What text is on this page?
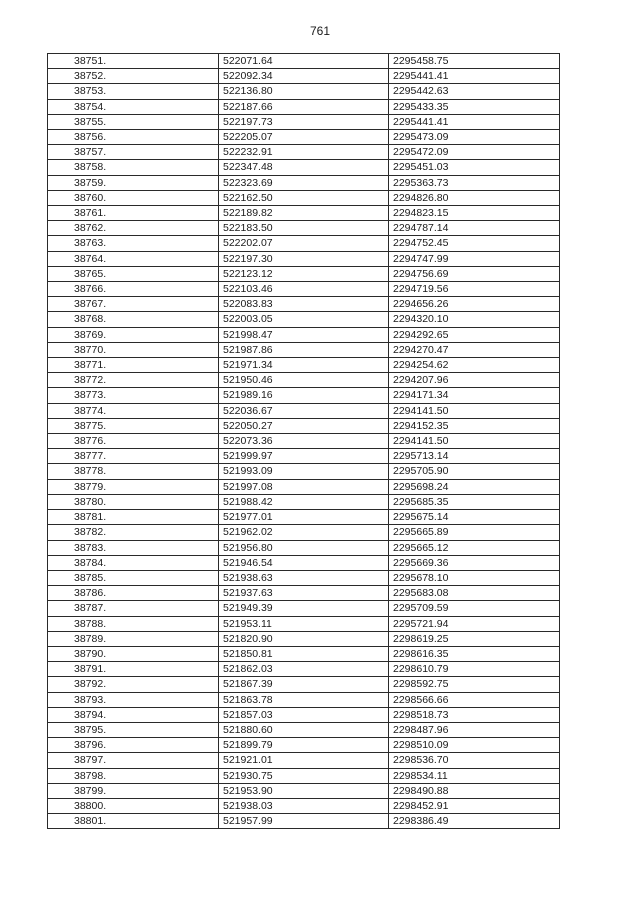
761
38751.	522071.64	2295458.75
38752.	522092.34	2295441.41
38753.	522136.80	2295442.63
38754.	522187.66	2295433.35
38755.	522197.73	2295441.41
38756.	522205.07	2295473.09
38757.	522232.91	2295472.09
38758.	522347.48	2295451.03
38759.	522323.69	2295363.73
38760.	522162.50	2294826.80
38761.	522189.82	2294823.15
38762.	522183.50	2294787.14
38763.	522202.07	2294752.45
38764.	522197.30	2294747.99
38765.	522123.12	2294756.69
38766.	522103.46	2294719.56
38767.	522083.83	2294656.26
38768.	522003.05	2294320.10
38769.	521998.47	2294292.65
38770.	521987.86	2294270.47
38771.	521971.34	2294254.62
38772.	521950.46	2294207.96
38773.	521989.16	2294171.34
38774.	522036.67	2294141.50
38775.	522050.27	2294152.35
38776.	522073.36	2294141.50
38777.	521999.97	2295713.14
38778.	521993.09	2295705.90
38779.	521997.08	2295698.24
38780.	521988.42	2295685.35
38781.	521977.01	2295675.14
38782.	521962.02	2295665.89
38783.	521956.80	2295665.12
38784.	521946.54	2295669.36
38785.	521938.63	2295678.10
38786.	521937.63	2295683.08
38787.	521949.39	2295709.59
38788.	521953.11	2295721.94
38789.	521820.90	2298619.25
38790.	521850.81	2298616.35
38791.	521862.03	2298610.79
38792.	521867.39	2298592.75
38793.	521863.78	2298566.66
38794.	521857.03	2298518.73
38795.	521880.60	2298487.96
38796.	521899.79	2298510.09
38797.	521921.01	2298536.70
38798.	521930.75	2298534.11
38799.	521953.90	2298490.88
38800.	521938.03	2298452.91
38801.	521957.99	2298386.49
